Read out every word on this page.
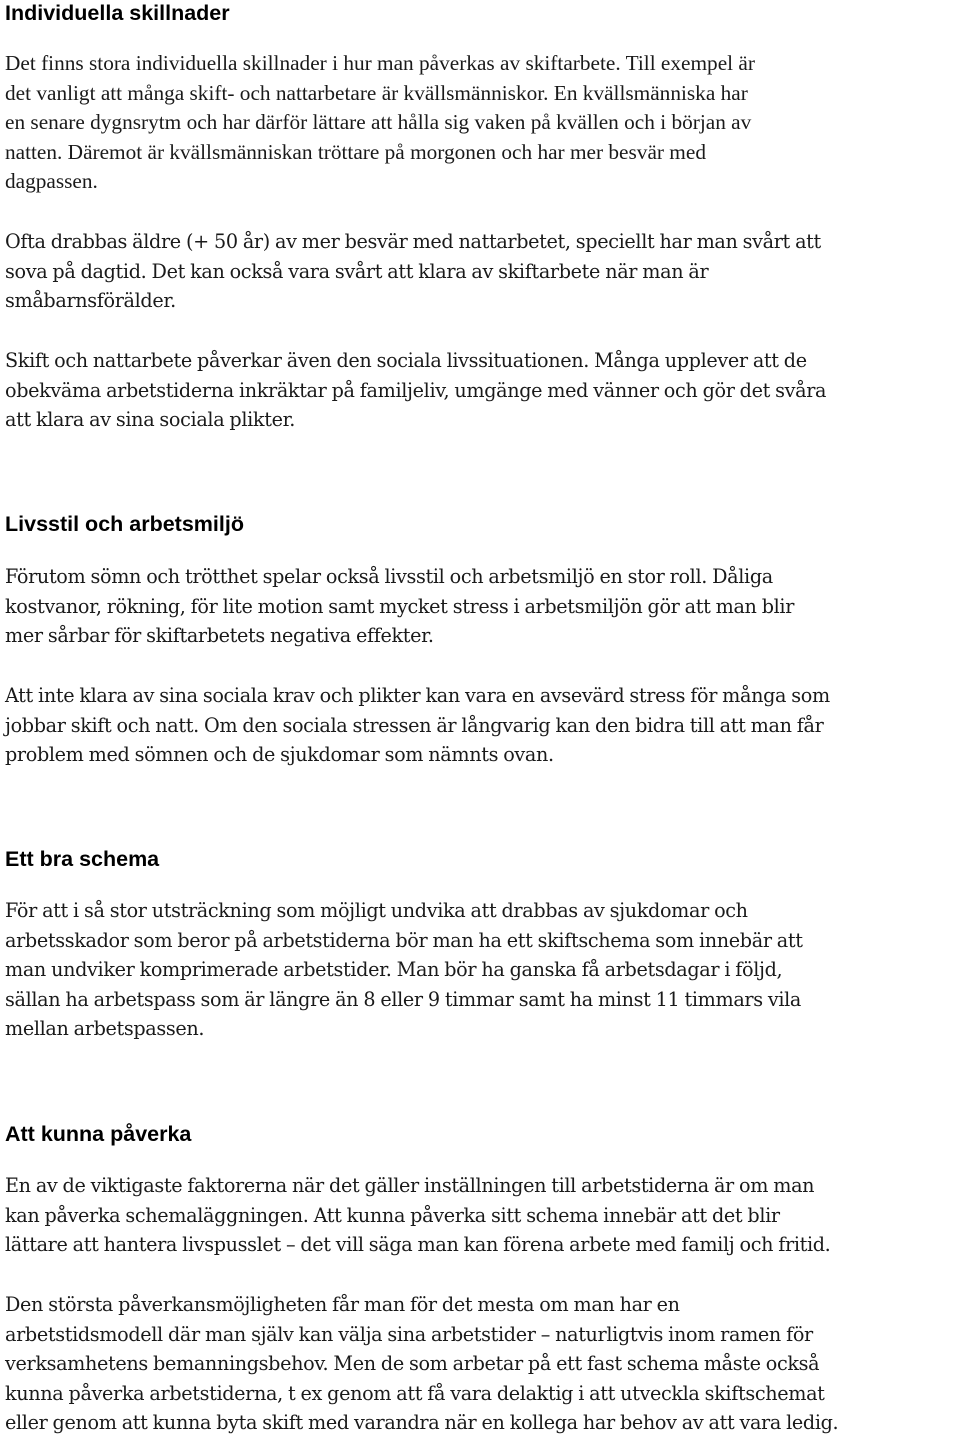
Individuella skillnader

Det finns stora individuella skillnader i hur man påverkas av skiftarbete. Till exempel är
det vanligt att många skift- och nattarbetare är kvällsmänniskor. En kvällsmänniska har
en senare dygnsrytm och har därför lättare att hålla sig vaken på kvällen och i början av
natten. Däremot är kvällsmänniskan tröttare på morgonen och har mer besvär med
dagpassen.

Ofta drabbas äldre (+ 50 år) av mer besvär med nattarbetet, speciellt har man svårt att
sova på dagtid. Det kan också vara svårt att klara av skiftarbete när man är
småbarnsförälder.

Skift och nattarbete påverkar även den sociala livssituationen. Många upplever att de
obekväma arbetstiderna inkräktar på familjeliv, umgänge med vänner och gör det svåra
att klara av sina sociala plikter.

Livsstil och arbetsmiljö

Förutom sömn och trötthet spelar också livsstil och arbetsmiljö en stor roll. Dåliga
kostvanor, rökning, för lite motion samt mycket stress i arbetsmiljön gör att man blir
mer sårbar för skiftarbetets negativa effekter.

Att inte klara av sina sociala krav och plikter kan vara en avsevärd stress för många som
jobbar skift och natt. Om den sociala stressen är långvarig kan den bidra till att man får
problem med sömnen och de sjukdomar som nämnts ovan.

Ett bra schema

För att i så stor utsträckning som möjligt undvika att drabbas av sjukdomar och
arbetsskador som beror på arbetstiderna bör man ha ett skiftschema som innebär att
man undviker komprimerade arbetstider. Man bör ha ganska få arbetsdagar i följd,
sällan ha arbetspass som är längre än 8 eller 9 timmar samt ha minst 11 timmars vila
mellan arbetspassen.

Att kunna påverka

En av de viktigaste faktorerna när det gäller inställningen till arbetstiderna är om man
kan påverka schemaläggningen. Att kunna påverka sitt schema innebär att det blir
lättare att hantera livspusslet – det vill säga man kan förena arbete med familj och fritid.

Den största påverkansmöjligheten får man för det mesta om man har en
arbetstidsmodell där man själv kan välja sina arbetstider – naturligtvis inom ramen för
verksamhetens bemanningsbehov. Men de som arbetar på ett fast schema måste också
kunna påverka arbetstiderna, t ex genom att få vara delaktig i att utveckla skiftschemat
eller genom att kunna byta skift med varandra när en kollega har behov av att vara ledig.
